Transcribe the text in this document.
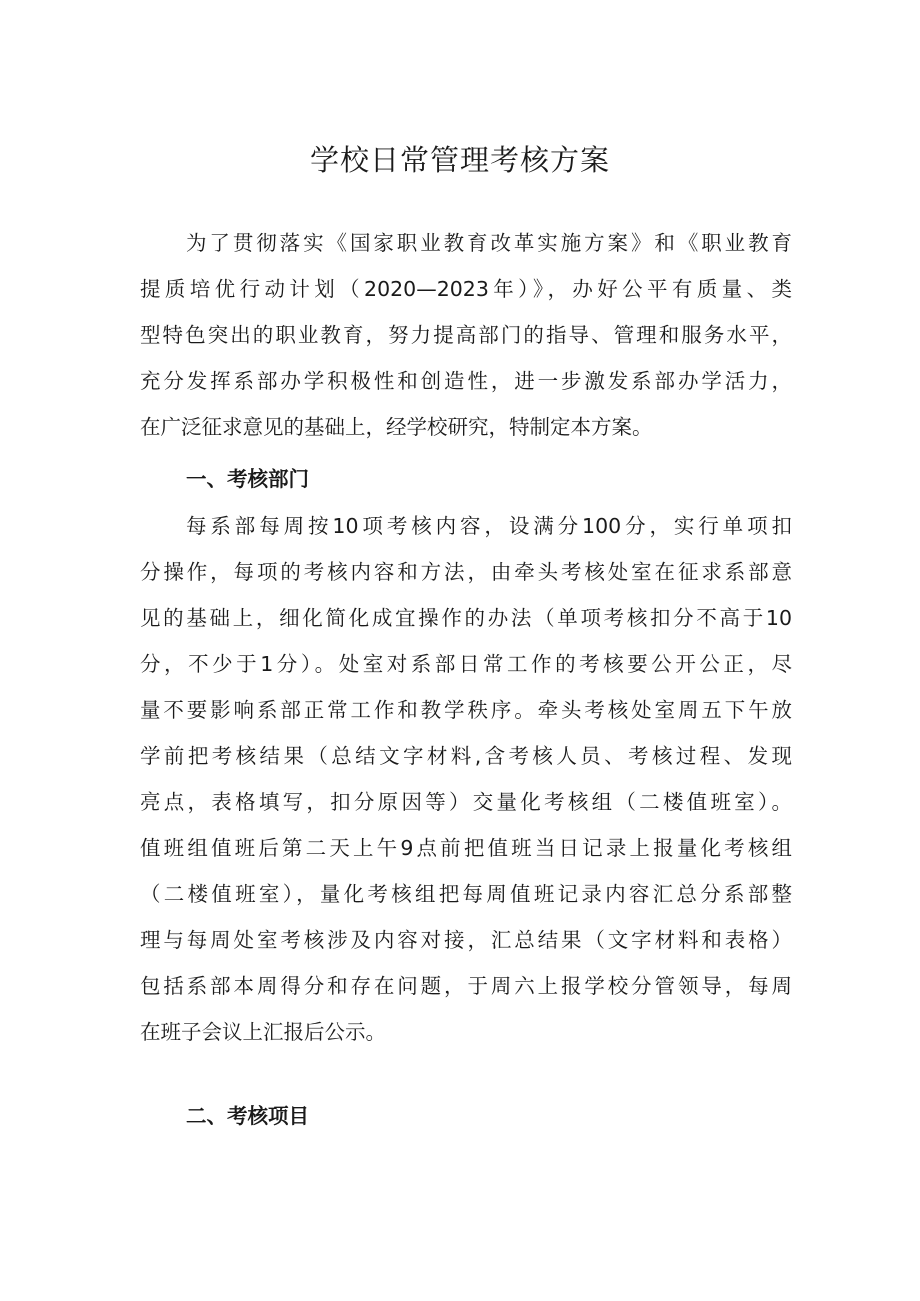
学校日常管理考核方案
为了贯彻落实《国家职业教育改革实施方案》和《职业教育
提质培优行动计划（2020—2023年）》，办好公平有质量、类
型特色突出的职业教育，努力提高部门的指导、管理和服务水平，
充分发挥系部办学积极性和创造性，进一步激发系部办学活力，
在广泛征求意见的基础上，经学校研究，特制定本方案。
一、考核部门
每系部每周按10项考核内容，设满分100分，实行单项扣
分操作，每项的考核内容和方法，由牵头考核处室在征求系部意
见的基础上，细化简化成宜操作的办法（单项考核扣分不高于10
分，不少于1分）。处室对系部日常工作的考核要公开公正，尽
量不要影响系部正常工作和教学秩序。牵头考核处室周五下午放
学前把考核结果（总结文字材料,含考核人员、考核过程、发现
亮点，表格填写，扣分原因等）交量化考核组（二楼值班室）。
值班组值班后第二天上午9点前把值班当日记录上报量化考核组
（二楼值班室），量化考核组把每周值班记录内容汇总分系部整
理与每周处室考核涉及内容对接，汇总结果（文字材料和表格）
包括系部本周得分和存在问题，于周六上报学校分管领导，每周
在班子会议上汇报后公示。
二、考核项目
